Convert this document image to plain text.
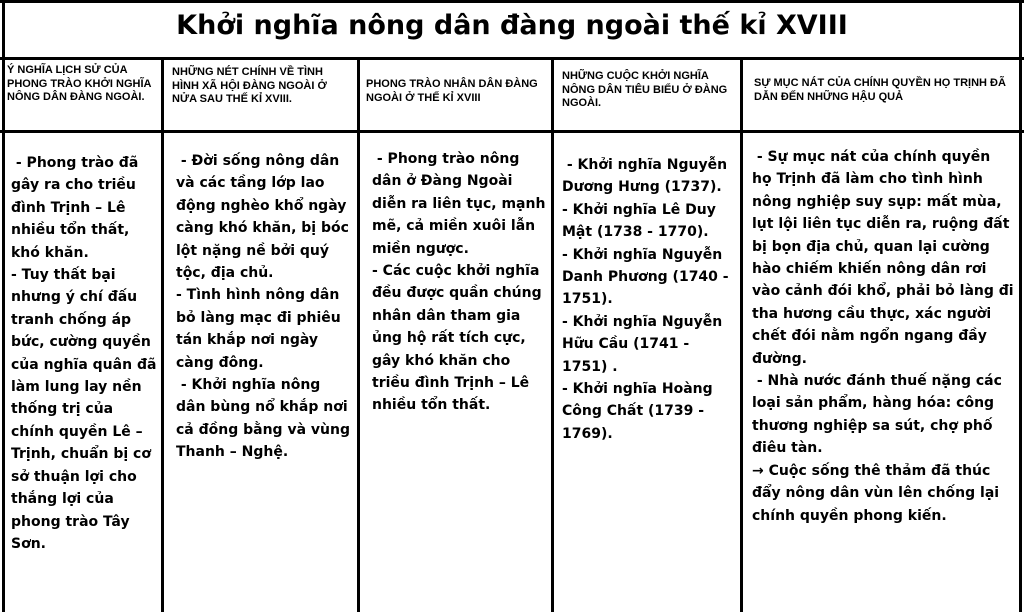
Khởi nghĩa nông dân đàng ngoài thế kỉ XVIII
Ý NGHĨA LỊCH SỬ CỦA PHONG TRÀO KHỞI NGHĨA NÔNG DÂN ĐÀNG NGOÀI.
NHỮNG NÉT CHÍNH VỀ TÌNH HÌNH XÃ HỘI ĐÀNG NGOÀI Ở NỬA SAU THẾ KỈ XVIII.
PHONG TRÀO NHÂN DÂN ĐÀNG NGOÀI Ở THẾ KỈ XVIII
NHỮNG CUỘC KHỞI NGHĨA NÔNG DÂN TIÊU BIỂU Ở ĐÀNG NGOÀI.
SỰ MỤC NÁT CỦA CHÍNH QUYỀN HỌ TRỊNH ĐÃ DẪN ĐẾN NHỮNG HẬU QUẢ
- Phong trào đã gây ra cho triều đình Trịnh – Lê nhiều tổn thất, khó khăn.
- Tuy thất bại nhưng ý chí đấu tranh chống áp bức, cường quyền của nghĩa quân đã làm lung lay nền thống trị của chính quyền Lê – Trịnh, chuẩn bị cơ sở thuận lợi cho thắng lợi của phong trào Tây Sơn.
- Đời sống nông dân và các tầng lớp lao động nghèo khổ ngày càng khó khăn, bị bóc lột nặng nề bởi quý tộc, địa chủ.
- Tình hình nông dân bỏ làng mạc đi phiêu tán khắp nơi ngày càng đông.
- Khởi nghĩa nông dân bùng nổ khắp nơi cả đồng bằng và vùng Thanh – Nghệ.
- Phong trào nông dân ở Đàng Ngoài diễn ra liên tục, mạnh mẽ, cả miền xuôi lẫn miền ngược.
- Các cuộc khởi nghĩa đều được quần chúng nhân dân tham gia ủng hộ rất tích cực, gây khó khăn cho triều đình Trịnh – Lê nhiều tổn thất.
- Khởi nghĩa Nguyễn Dương Hưng (1737).
- Khởi nghĩa Lê Duy Mật (1738 - 1770).
- Khởi nghĩa Nguyễn Danh Phương (1740 - 1751).
- Khởi nghĩa Nguyễn Hữu Cầu (1741 - 1751) .
- Khởi nghĩa Hoàng Công Chất (1739 - 1769).
- Sự mục nát của chính quyền họ Trịnh đã làm cho tình hình nông nghiệp suy sụp: mất mùa, lụt lội liên tục diễn ra, ruộng đất bị bọn địa chủ, quan lại cường hào chiếm khiến nông dân rơi vào cảnh đói khổ, phải bỏ làng đi tha hương cầu thực, xác người chết đói nằm ngổn ngang đầy đường.
- Nhà nước đánh thuế nặng các loại sản phẩm, hàng hóa: công thương nghiệp sa sút, chợ phố điêu tàn.
→ Cuộc sống thê thảm đã thúc đẩy nông dân vùn lên chống lại chính quyền phong kiến.
